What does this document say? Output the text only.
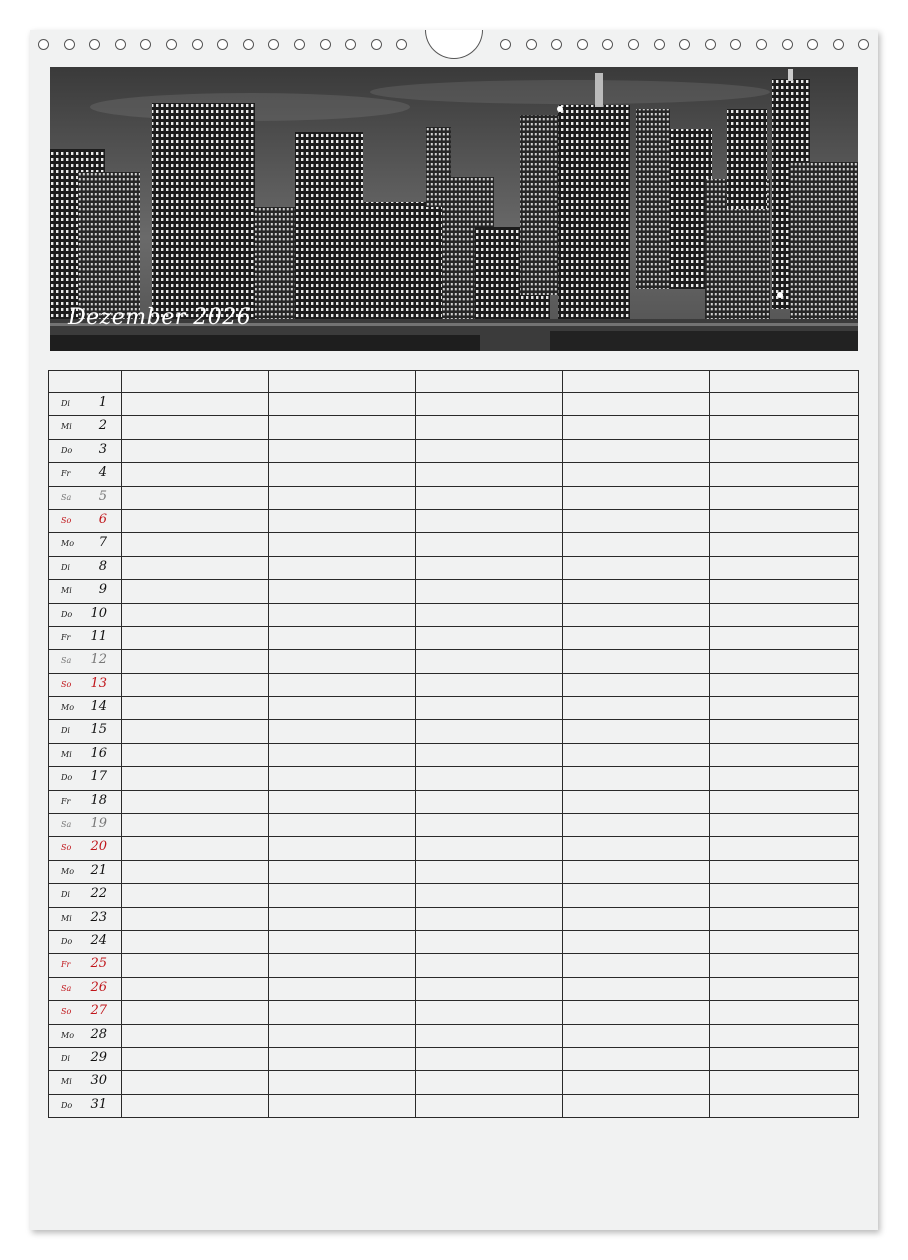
Dezember 2026

Di 1					

Mi 2					

Do 3					

Fr 4					

Sa 5					

So 6					

Mo 7					

Di 8					

Mi 9					

Do 10					

Fr 11					

Sa 12					

So 13					

Mo 14					

Di 15					

Mi 16					

Do 17					

Fr 18					

Sa 19					

So 20					

Mo 21					

Di 22					

Mi 23					

Do 24					

Fr 25					

Sa 26					

So 27					

Mo 28					

Di 29					

Mi 30					

Do 31					
